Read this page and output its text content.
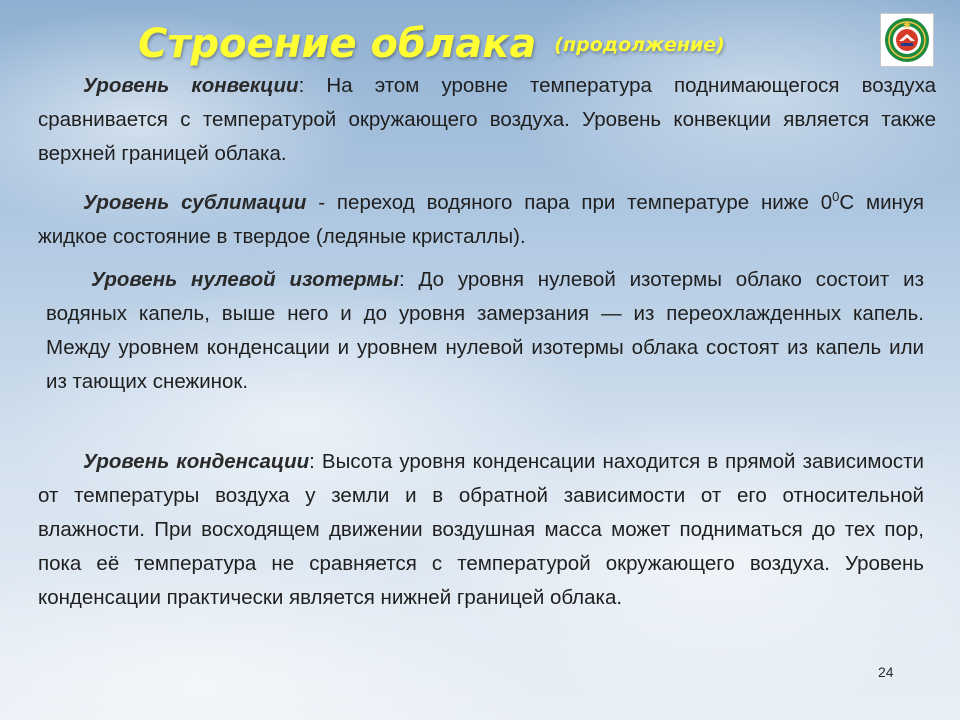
Строение облака $^{(продолжение)}$

Уровень конвекции: На этом уровне температура поднимающегося воздуха сравнивается с температурой окружающего воздуха. Уровень конвекции является также верхней границей облака.

Уровень сублимации - переход водяного пара при температуре ниже $0^0С$ минуя жидкое состояние в твердое (ледяные кристаллы).

Уровень нулевой изотермы: До уровня нулевой изотермы облако состоит из водяных капель, выше него и до уровня замерзания — из переохлажденных капель. Между уровнем конденсации и уровнем нулевой изотермы облака состоят из капель или из тающих снежинок.

Уровень конденсации: Высота уровня конденсации находится в прямой зависимости от температуры воздуха у земли и в обратной зависимости от его относительной влажности. При восходящем движении воздушная масса может подниматься до тех пор, пока её температура не сравняется с температурой окружающего воздуха. Уровень конденсации практически является нижней границей облака.

24
